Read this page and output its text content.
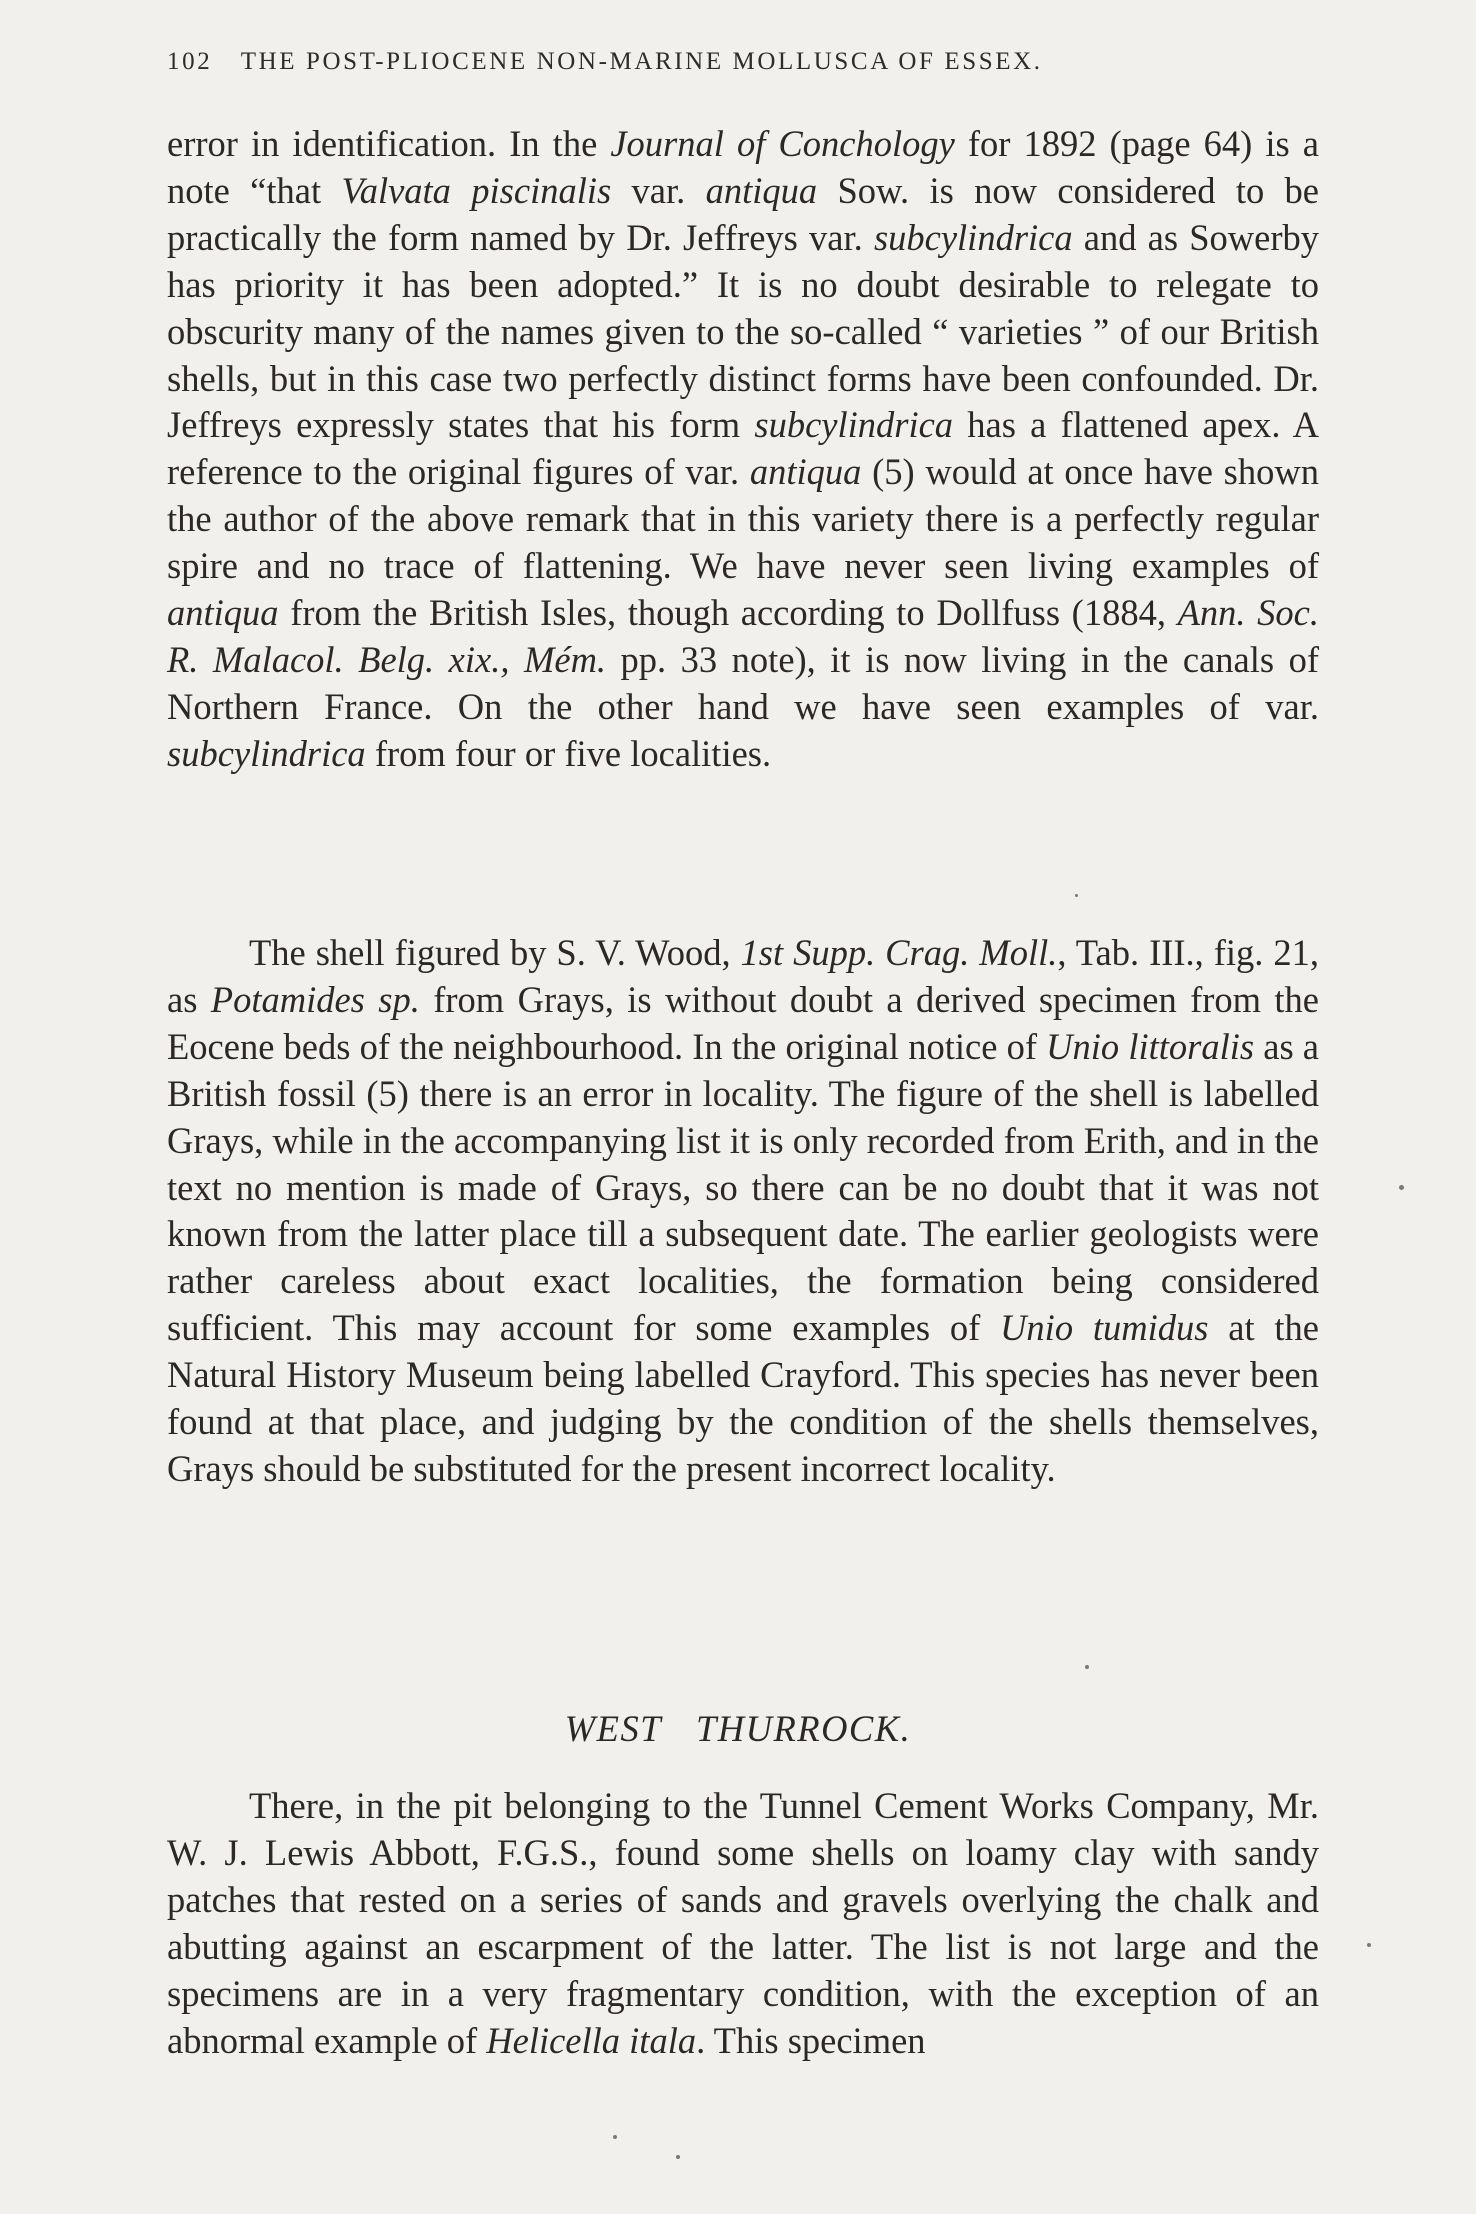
102 THE POST-PLIOCENE NON-MARINE MOLLUSCA OF ESSEX.

error in identification. In the Journal of Conchology for 1892 (page 64) is a note “that Valvata piscinalis var. antiqua Sow. is now considered to be practically the form named by Dr. Jeffreys var. subcylindrica and as Sowerby has priority it has been adopted.” It is no doubt desirable to relegate to obscurity many of the names given to the so-called “ varieties ” of our British shells, but in this case two perfectly distinct forms have been confounded. Dr. Jeffreys expressly states that his form subcylindrica has a flattened apex. A reference to the original figures of var. antiqua (5) would at once have shown the author of the above remark that in this variety there is a perfectly regular spire and no trace of flattening. We have never seen living examples of antiqua from the British Isles, though according to Dollfuss (1884, Ann. Soc. R. Malacol. Belg. xix., Mém. pp. 33 note), it is now living in the canals of Northern France. On the other hand we have seen examples of var. subcylindrica from four or five localities.

The shell figured by S. V. Wood, 1st Supp. Crag. Moll., Tab. III., fig. 21, as Potamides sp. from Grays, is without doubt a derived specimen from the Eocene beds of the neighbourhood. In the original notice of Unio littoralis as a British fossil (5) there is an error in locality. The figure of the shell is labelled Grays, while in the accompanying list it is only recorded from Erith, and in the text no mention is made of Grays, so there can be no doubt that it was not known from the latter place till a subsequent date. The earlier geologists were rather careless about exact localities, the formation being considered sufficient. This may account for some examples of Unio tumidus at the Natural History Museum being labelled Crayford. This species has never been found at that place, and judging by the condition of the shells themselves, Grays should be substituted for the present incorrect locality.

WEST THURROCK.

There, in the pit belonging to the Tunnel Cement Works Company, Mr. W. J. Lewis Abbott, F.G.S., found some shells on loamy clay with sandy patches that rested on a series of sands and gravels overlying the chalk and abutting against an escarpment of the latter. The list is not large and the specimens are in a very fragmentary condition, with the exception of an abnormal example of Helicella itala. This specimen
